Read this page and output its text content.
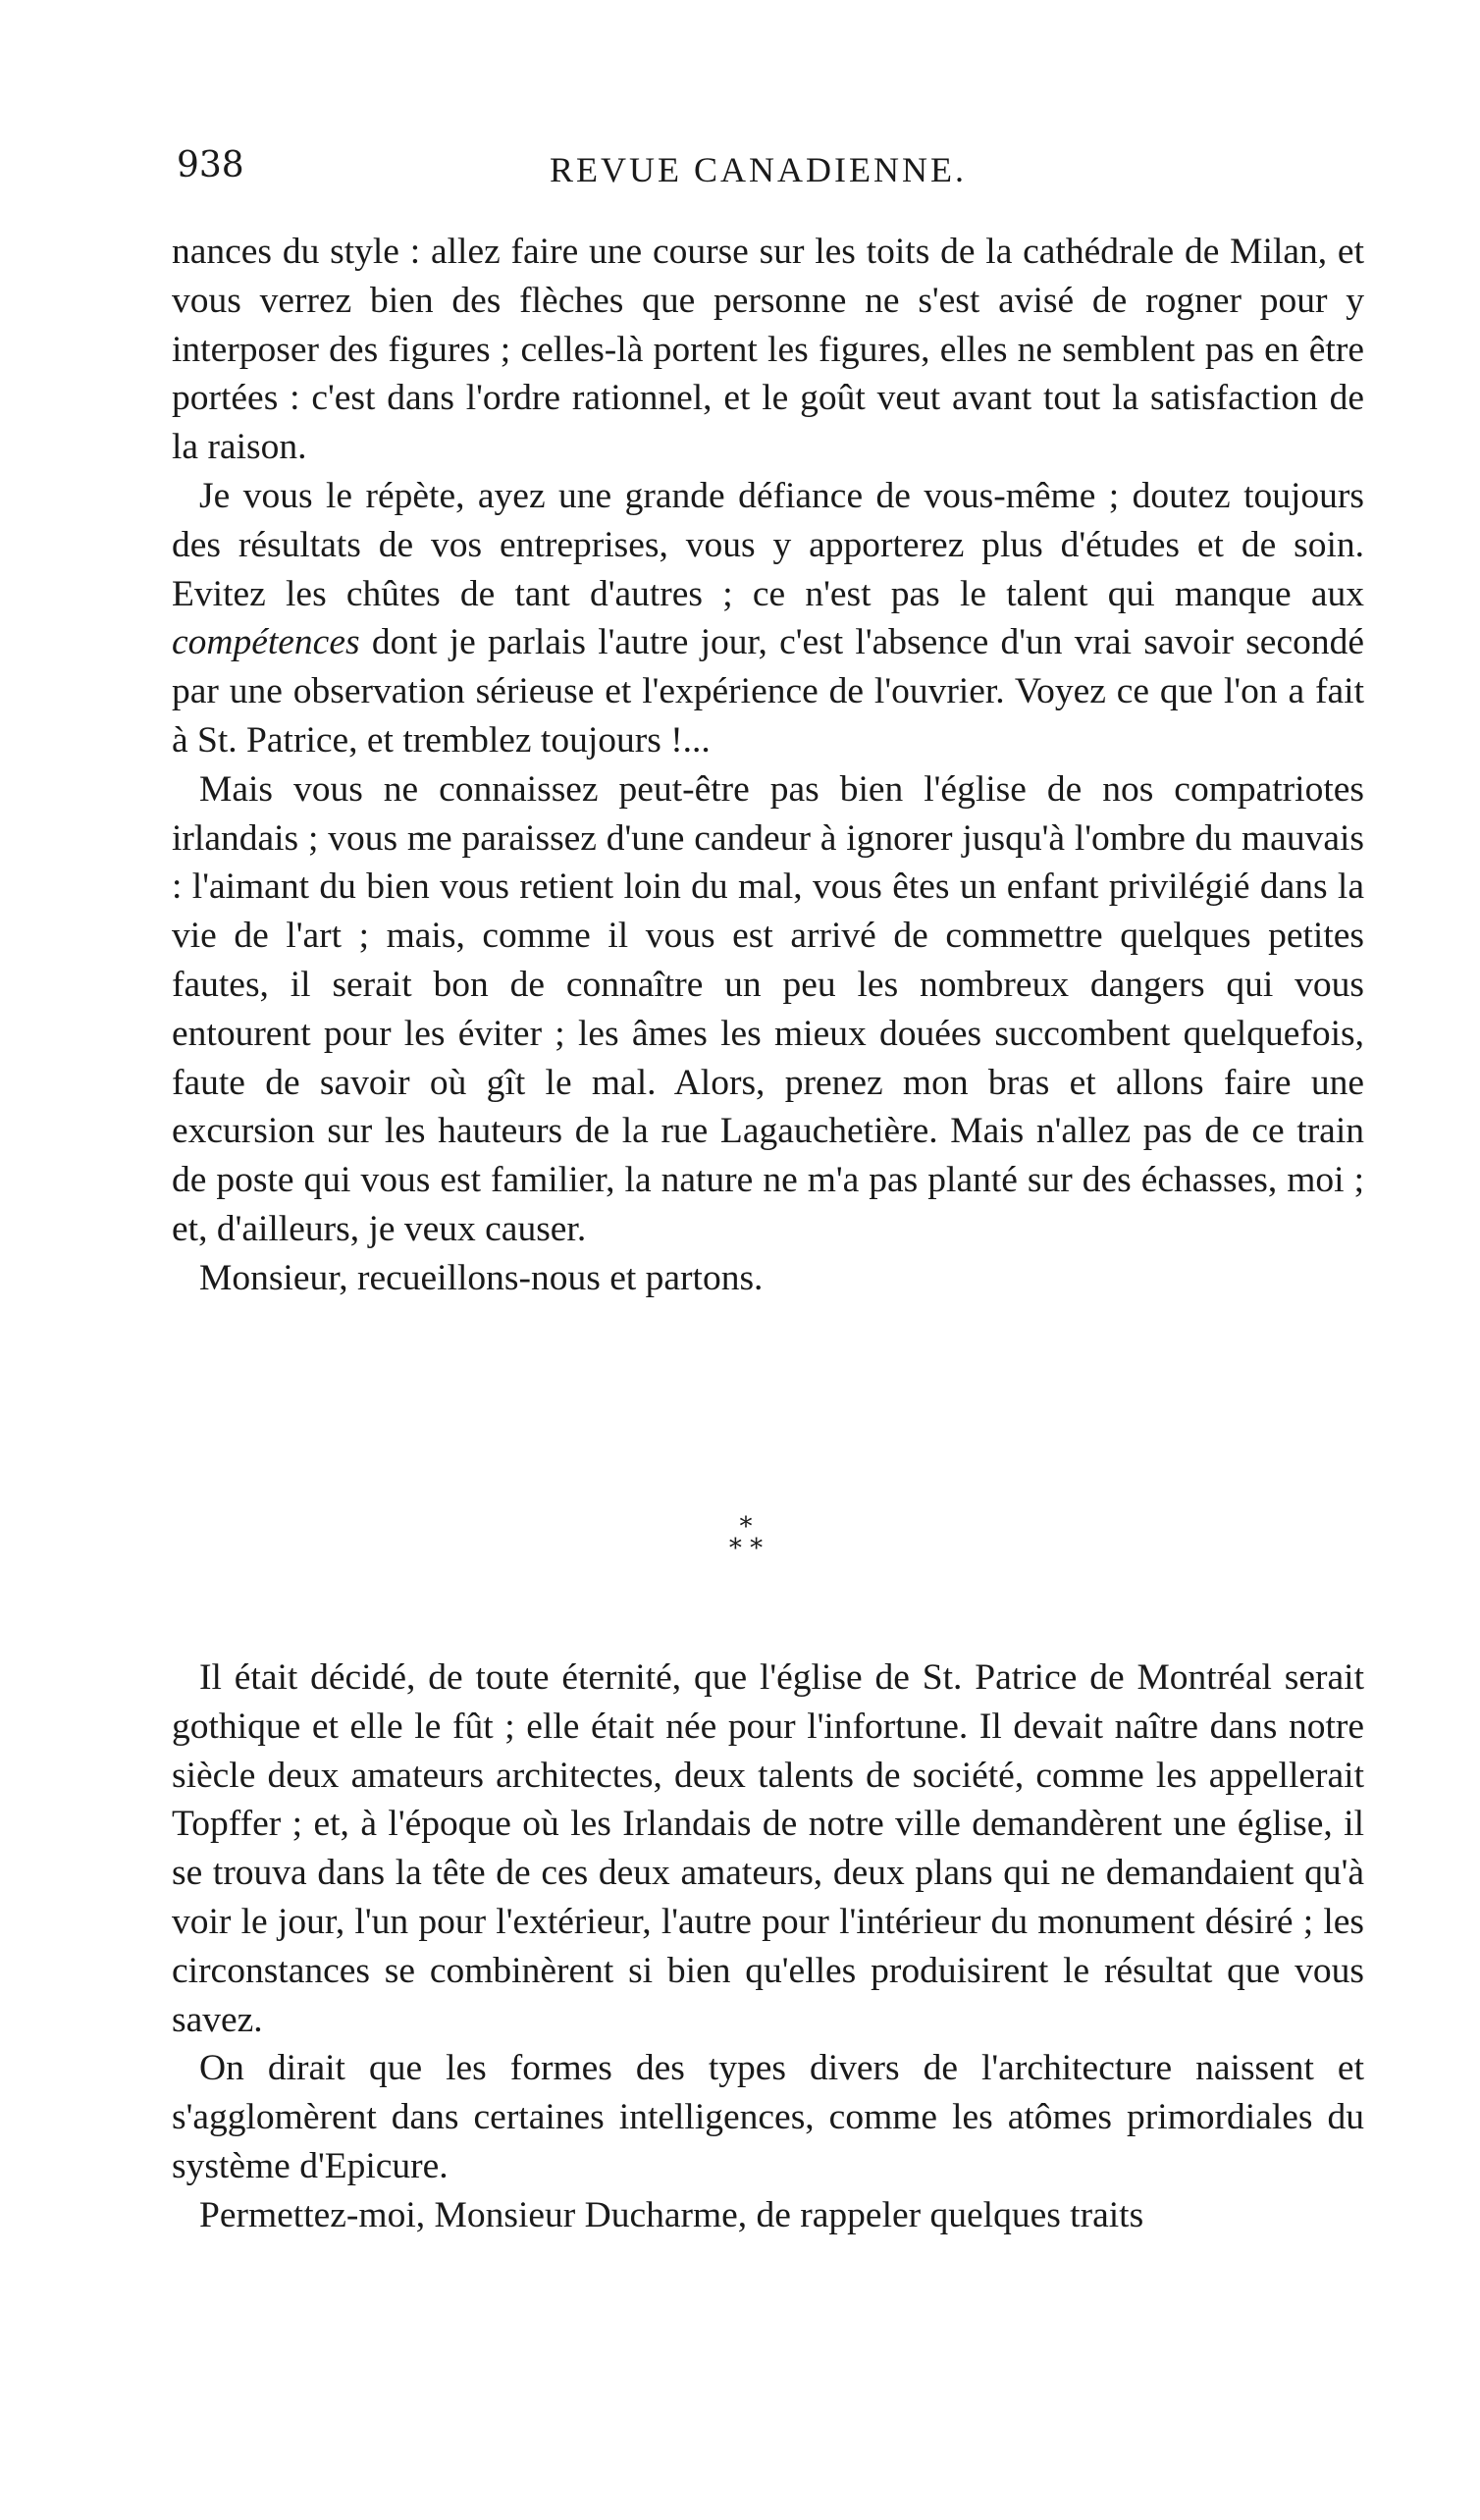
938	REVUE CANADIENNE.

nances du style : allez faire une course sur les toits de la cathédrale de Milan, et vous verrez bien des flèches que personne ne s'est avisé de rogner pour y interposer des figures ; celles-là portent les figures, elles ne semblent pas en être portées : c'est dans l'ordre rationnel, et le goût veut avant tout la satisfaction de la raison.

Je vous le répète, ayez une grande défiance de vous-même ; doutez toujours des résultats de vos entreprises, vous y apporterez plus d'études et de soin. Evitez les chûtes de tant d'autres ; ce n'est pas le talent qui manque aux compétences dont je parlais l'autre jour, c'est l'absence d'un vrai savoir secondé par une observation sérieuse et l'expérience de l'ouvrier. Voyez ce que l'on a fait à St. Patrice, et tremblez toujours !...

Mais vous ne connaissez peut-être pas bien l'église de nos compatriotes irlandais ; vous me paraissez d'une candeur à ignorer jusqu'à l'ombre du mauvais : l'aimant du bien vous retient loin du mal, vous êtes un enfant privilégié dans la vie de l'art ; mais, comme il vous est arrivé de commettre quelques petites fautes, il serait bon de connaître un peu les nombreux dangers qui vous entourent pour les éviter ; les âmes les mieux douées succombent quelquefois, faute de savoir où gît le mal. Alors, prenez mon bras et allons faire une excursion sur les hauteurs de la rue Lagauchetière. Mais n'allez pas de ce train de poste qui vous est familier, la nature ne m'a pas planté sur des échasses, moi ; et, d'ailleurs, je veux causer.

Monsieur, recueillons-nous et partons.

*
* *

Il était décidé, de toute éternité, que l'église de St. Patrice de Montréal serait gothique et elle le fût ; elle était née pour l'infortune. Il devait naître dans notre siècle deux amateurs architectes, deux talents de société, comme les appellerait Topffer ; et, à l'époque où les Irlandais de notre ville demandèrent une église, il se trouva dans la tête de ces deux amateurs, deux plans qui ne demandaient qu'à voir le jour, l'un pour l'extérieur, l'autre pour l'intérieur du monument désiré ; les circonstances se combinèrent si bien qu'elles produisirent le résultat que vous savez.

On dirait que les formes des types divers de l'architecture naissent et s'agglomèrent dans certaines intelligences, comme les atômes primordiales du système d'Epicure.

Permettez-moi, Monsieur Ducharme, de rappeler quelques traits
